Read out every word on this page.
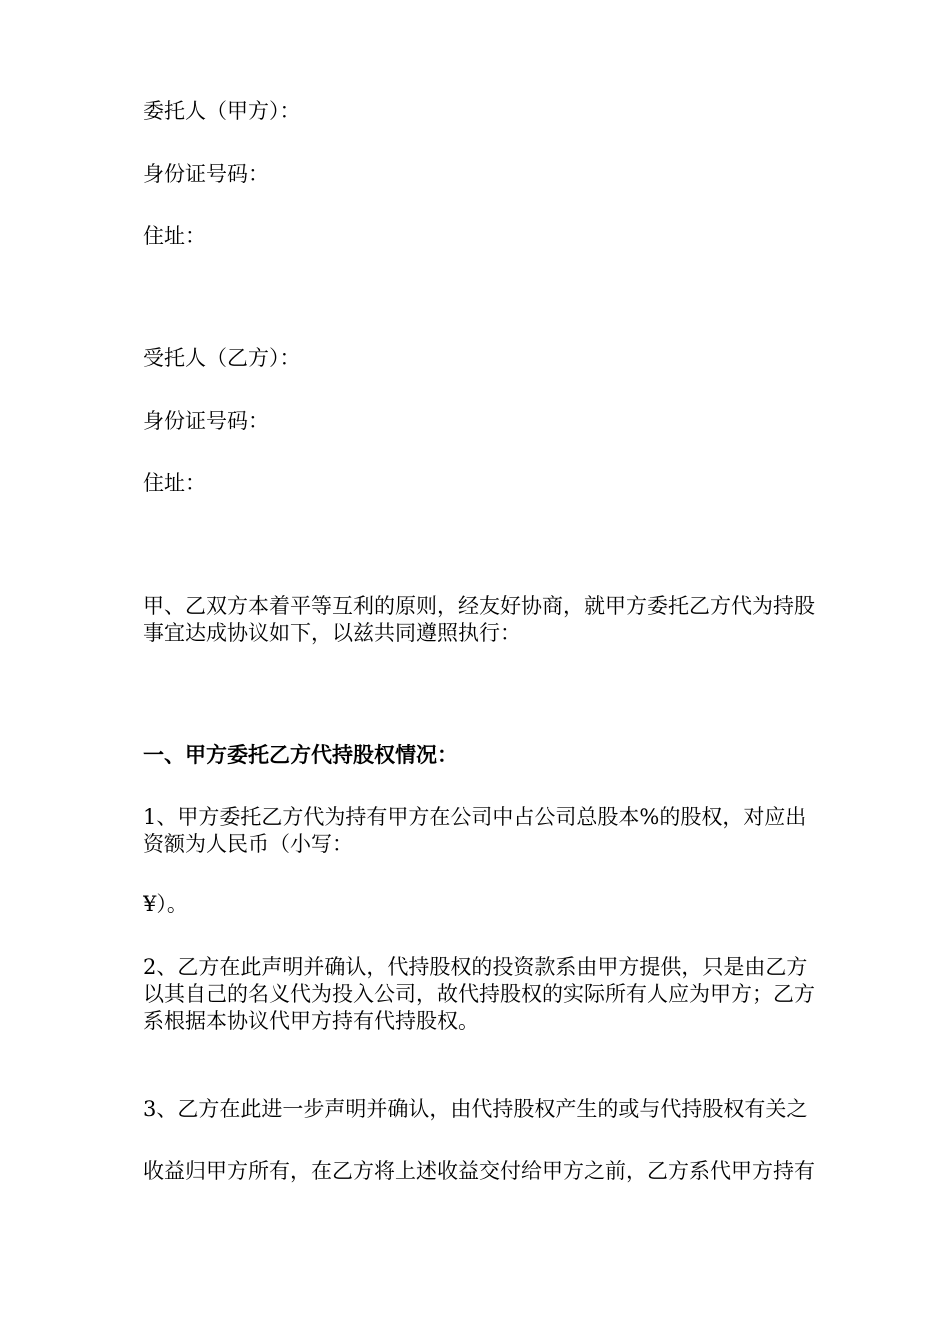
委托人（甲方）：
身份证号码：
住址：
受托人（乙方）：
身份证号码：
住址：
甲、乙双方本着平等互利的原则，经友好协商，就甲方委托乙方代为持股
事宜达成协议如下，以兹共同遵照执行：
一、甲方委托乙方代持股权情况：
1、甲方委托乙方代为持有甲方在公司中占公司总股本%的股权，对应出
资额为人民币（小写：
¥）。
2、乙方在此声明并确认，代持股权的投资款系由甲方提供，只是由乙方
以其自己的名义代为投入公司，故代持股权的实际所有人应为甲方；乙方
系根据本协议代甲方持有代持股权。
3、乙方在此进一步声明并确认，由代持股权产生的或与代持股权有关之
收益归甲方所有，在乙方将上述收益交付给甲方之前，乙方系代甲方持有
